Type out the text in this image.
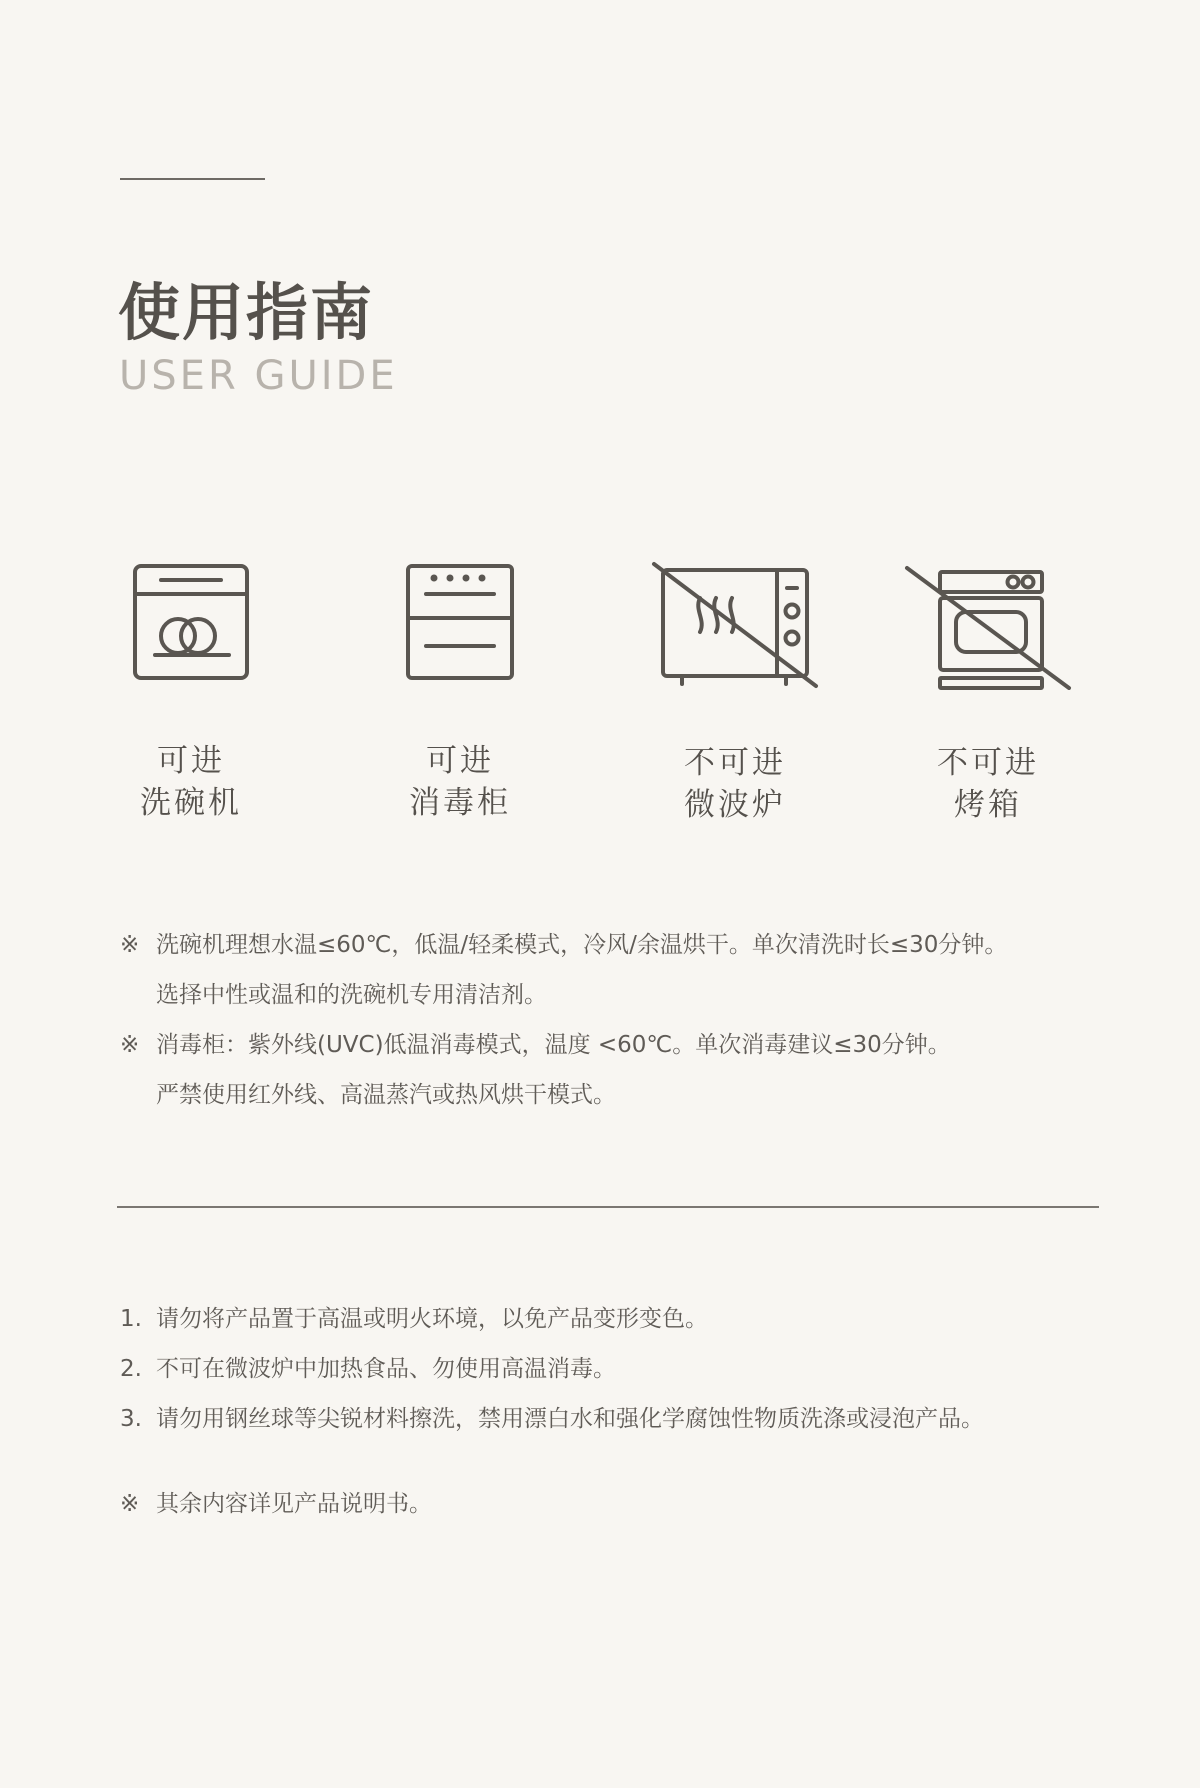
使用指南
USER GUIDE
可进
洗碗机
可进
消毒柜
不可进
微波炉
不可进
烤箱
※ 洗碗机理想水温≤60℃，低温/轻柔模式，冷风/余温烘干。单次清洗时长≤30分钟。
选择中性或温和的洗碗机专用清洁剂。
※ 消毒柜：紫外线(UVC)低温消毒模式，温度 <60℃。单次消毒建议≤30分钟。
严禁使用红外线、高温蒸汽或热风烘干模式。
1. 请勿将产品置于高温或明火环境，以免产品变形变色。
2. 不可在微波炉中加热食品、勿使用高温消毒。
3. 请勿用钢丝球等尖锐材料擦洗，禁用漂白水和强化学腐蚀性物质洗涤或浸泡产品。
※ 其余内容详见产品说明书。
